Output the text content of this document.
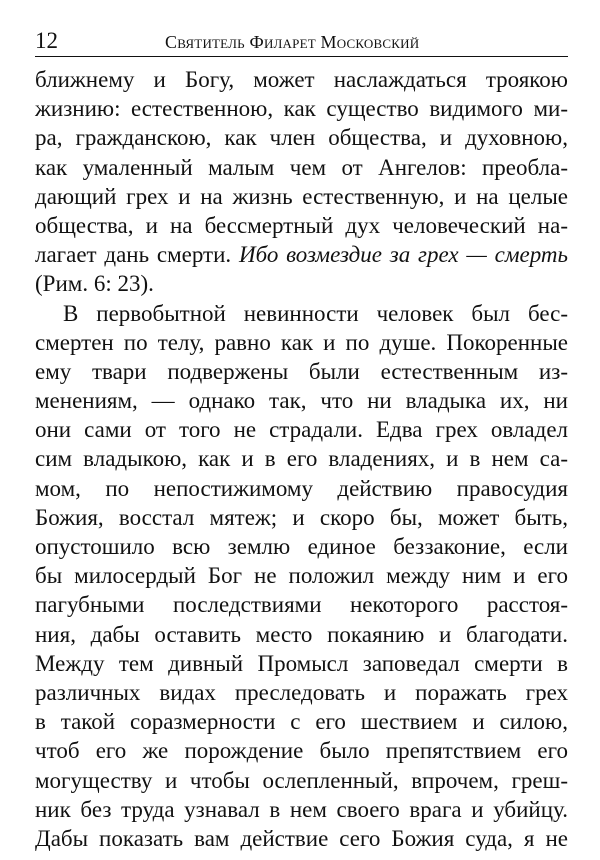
12	Святитель Филарет Московский
ближнему и Богу, может наслаждаться троякою
жизнию: естественною, как существо видимого ми-
ра, гражданскою, как член общества, и духовною,
как умаленный малым чем от Ангелов: преобла-
дающий грех и на жизнь естественную, и на целые
общества, и на бессмертный дух человеческий на-
лагает дань смерти. Ибо возмездие за грех — смерть
(Рим. 6: 23).
В первобытной невинности человек был бес-
смертен по телу, равно как и по душе. Покоренные
ему твари подвержены были естественным из-
менениям, — однако так, что ни владыка их, ни
они сами от того не страдали. Едва грех овладел
сим владыкою, как и в его владениях, и в нем са-
мом, по непостижимому действию правосудия
Божия, восстал мятеж; и скоро бы, может быть,
опустошило всю землю единое беззаконие, если
бы милосердый Бог не положил между ним и его
пагубными последствиями некоторого расстоя-
ния, дабы оставить место покаянию и благодати.
Между тем дивный Промысл заповедал смерти в
различных видах преследовать и поражать грех
в такой соразмерности с его шествием и силою,
чтоб его же порождение было препятствием его
могуществу и чтобы ослепленный, впрочем, греш-
ник без труда узнавал в нем своего врага и убийцу.
Дабы показать вам действие сего Божия суда, я не
